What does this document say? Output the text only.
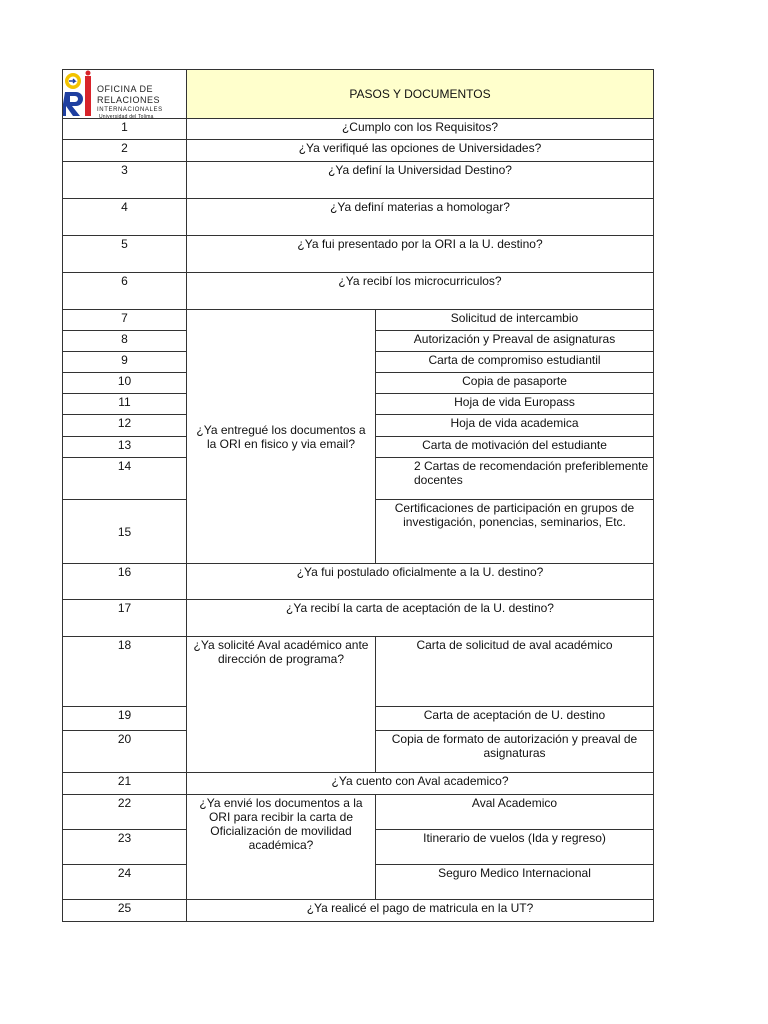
OFICINA DE
RELACIONES
INTERNACIONALES
Universidad del Tolima	PASOS Y DOCUMENTOS	
1	¿Cumplo con los Requisitos?	
2	¿Ya verifiqué las opciones de Universidades?	
3	¿Ya definí la Universidad Destino?	
4	¿Ya definí materias a homologar?	
5	¿Ya fui presentado por la ORI a la U. destino?	
6	¿Ya recibí los microcurriculos?	
7	¿Ya entregué los documentos a la ORI en fisico y via email?	Solicitud de intercambio
8		Autorización y Preaval de asignaturas
9		Carta de compromiso estudiantil
10		Copia de pasaporte
11		Hoja de vida Europass
12		Hoja de vida academica
13		Carta de motivación del estudiante
14		2 Cartas de recomendación preferiblemente docentes
15		Certificaciones de participación en grupos de investigación, ponencias, seminarios, Etc.
16	¿Ya fui postulado oficialmente a la U. destino?	
17	¿Ya recibí la carta de aceptación de la U. destino?	
18	¿Ya solicité Aval académico ante dirección de programa?	Carta de solicitud de aval académico
19		Carta de aceptación de U. destino
20		Copia de formato de autorización y preaval de asignaturas
21	¿Ya cuento con Aval academico?	
22	¿Ya envié los documentos a la ORI para recibir la carta de Oficialización de movilidad académica?	Aval Academico
23		Itinerario de vuelos (Ida y regreso)
24		Seguro Medico Internacional
25	¿Ya realicé el pago de matricula en la UT?	
